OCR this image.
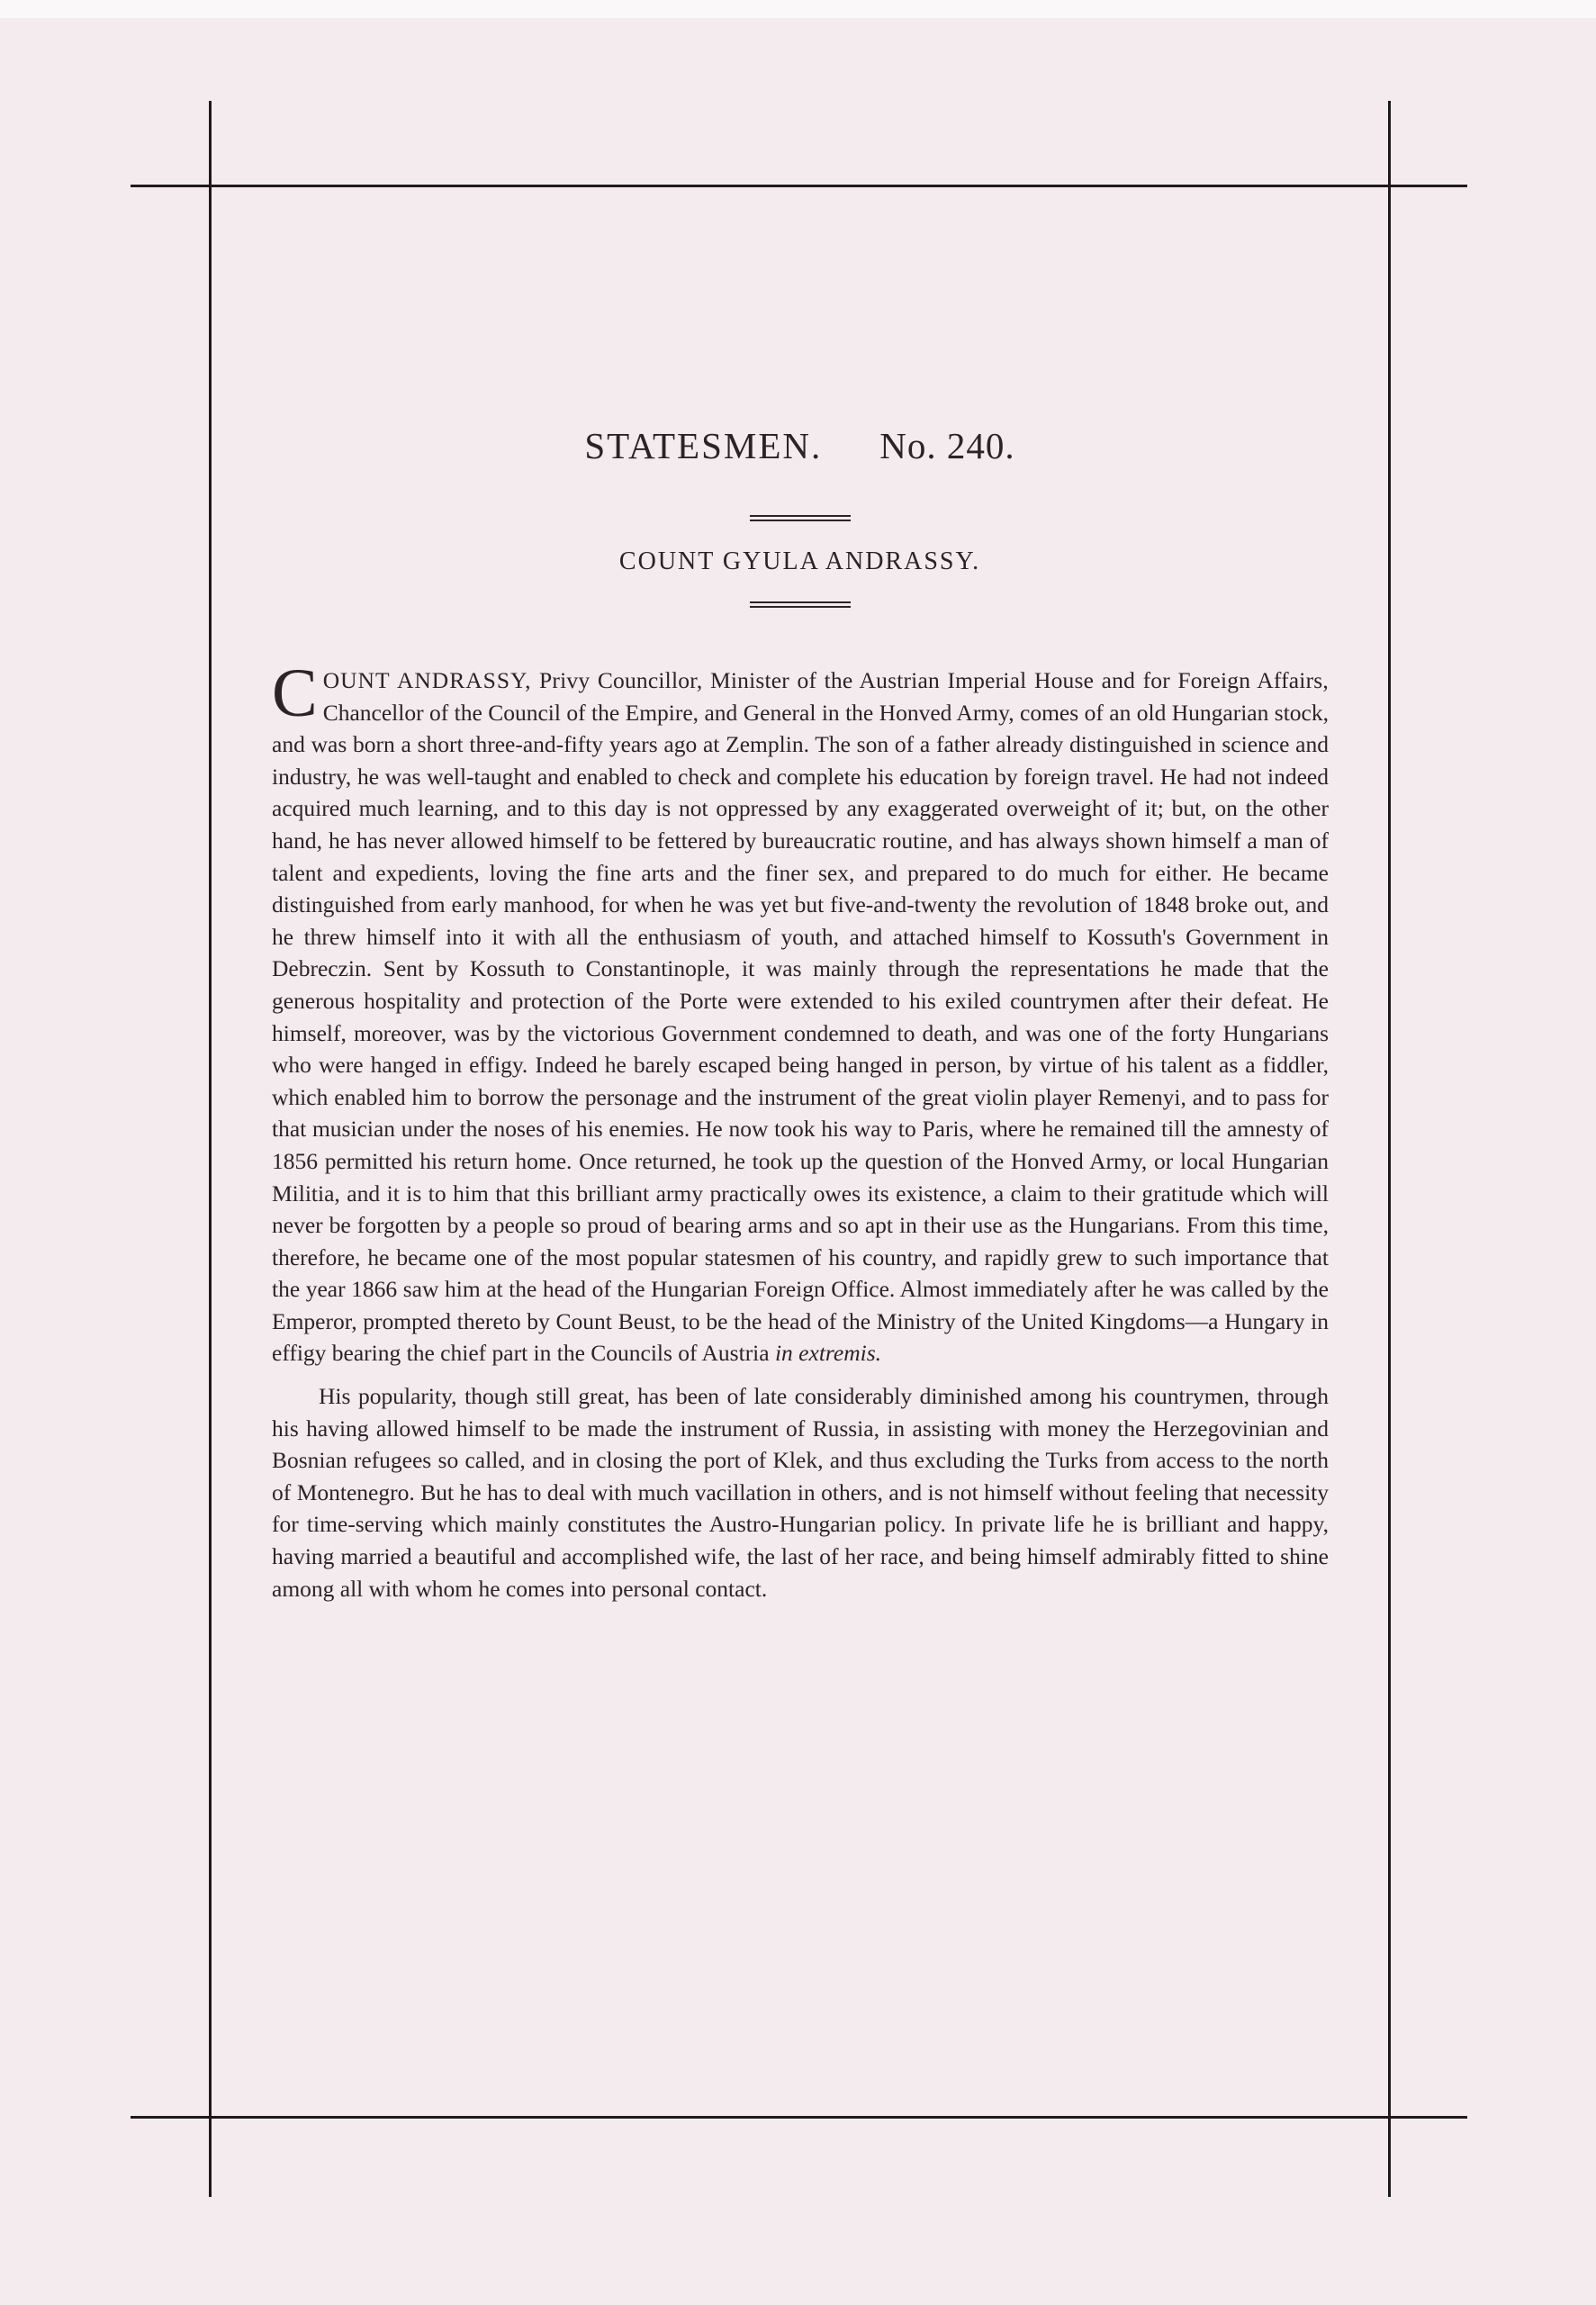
STATESMEN. No. 240.
COUNT GYULA ANDRASSY.

COUNT ANDRASSY, Privy Councillor, Minister of the Austrian Imperial House and for Foreign Affairs, Chancellor of the Council of the Empire, and General in the Honved Army, comes of an old Hungarian stock, and was born a short three-and-fifty years ago at Zemplin. The son of a father already distinguished in science and industry, he was well-taught and enabled to check and complete his education by foreign travel. He had not indeed acquired much learning, and to this day is not oppressed by any exaggerated overweight of it; but, on the other hand, he has never allowed himself to be fettered by bureaucratic routine, and has always shown himself a man of talent and expedients, loving the fine arts and the finer sex, and prepared to do much for either. He became distinguished from early manhood, for when he was yet but five-and-twenty the revolution of 1848 broke out, and he threw himself into it with all the enthusiasm of youth, and attached himself to Kossuth's Government in Debreczin. Sent by Kossuth to Constantinople, it was mainly through the representations he made that the generous hospitality and protection of the Porte were extended to his exiled countrymen after their defeat. He himself, moreover, was by the victorious Government condemned to death, and was one of the forty Hungarians who were hanged in effigy. Indeed he barely escaped being hanged in person, by virtue of his talent as a fiddler, which enabled him to borrow the personage and the instrument of the great violin player Remenyi, and to pass for that musician under the noses of his enemies. He now took his way to Paris, where he remained till the amnesty of 1856 permitted his return home. Once returned, he took up the question of the Honved Army, or local Hungarian Militia, and it is to him that this brilliant army practically owes its existence, a claim to their gratitude which will never be forgotten by a people so proud of bearing arms and so apt in their use as the Hungarians. From this time, therefore, he became one of the most popular statesmen of his country, and rapidly grew to such importance that the year 1866 saw him at the head of the Hungarian Foreign Office. Almost immediately after he was called by the Emperor, prompted thereto by Count Beust, to be the head of the Ministry of the United Kingdoms—a Hungary in effigy bearing the chief part in the Councils of Austria in extremis.

His popularity, though still great, has been of late considerably diminished among his countrymen, through his having allowed himself to be made the instrument of Russia, in assisting with money the Herzegovinian and Bosnian refugees so called, and in closing the port of Klek, and thus excluding the Turks from access to the north of Montenegro. But he has to deal with much vacillation in others, and is not himself without feeling that necessity for time-serving which mainly constitutes the Austro-Hungarian policy. In private life he is brilliant and happy, having married a beautiful and accomplished wife, the last of her race, and being himself admirably fitted to shine among all with whom he comes into personal contact.
